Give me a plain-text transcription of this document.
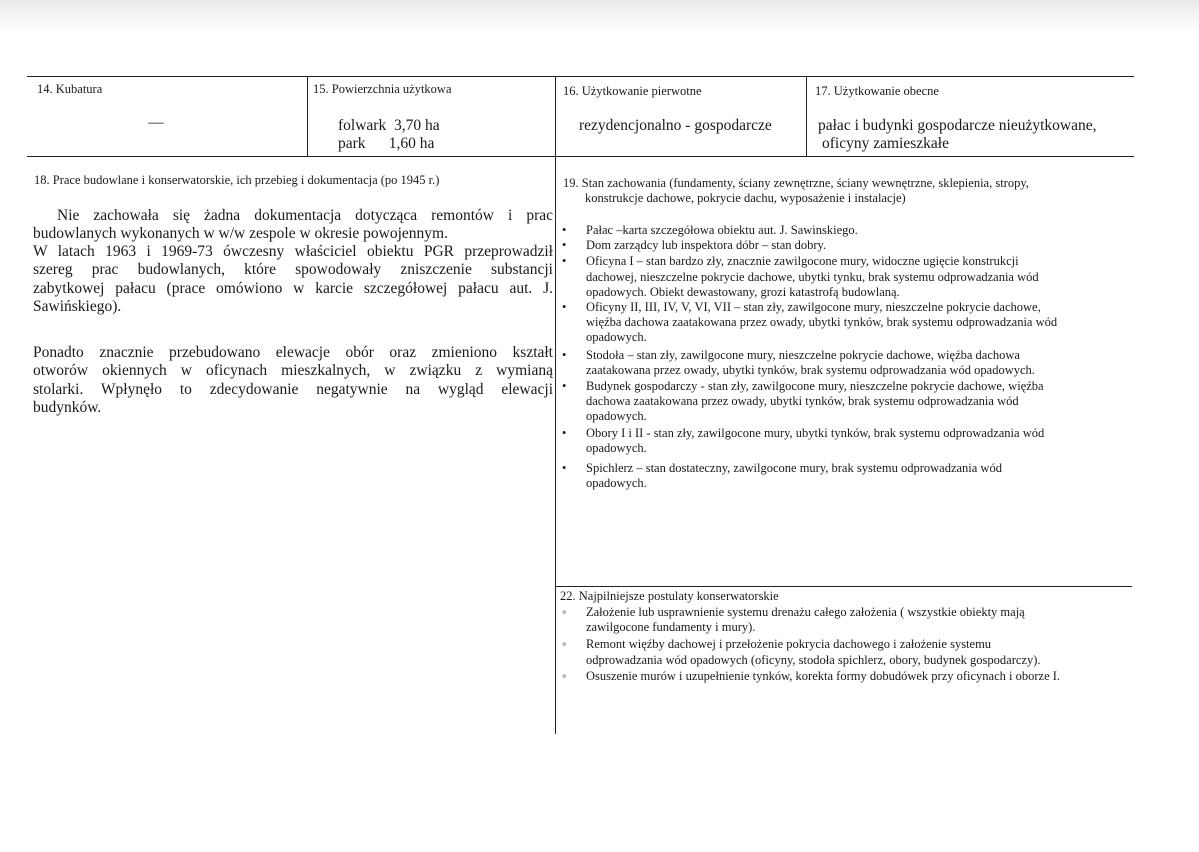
14. Kubatura
—
15. Powierzchnia użytkowa
folwark  3,70 ha
park      1,60 ha
16. Użytkowanie pierwotne
rezydencjonalno - gospodarcze
17. Użytkowanie obecne
pałac i budynki gospodarcze nieużytkowane,
oficyny zamieszkałe
18. Prace budowlane i konserwatorskie, ich przebieg i dokumentacja (po 1945 r.)
Nie zachowała się żadna dokumentacja dotycząca remontów i prac
budowlanych wykonanych w w/w zespole w okresie powojennym.
W latach 1963 i 1969-73 ówczesny właściciel obiektu PGR przeprowadził
szereg prac budowlanych, które spowodowały zniszczenie substancji
zabytkowej pałacu (prace omówiono w karcie szczegółowej pałacu aut. J.
Sawińskiego).
Ponadto znacznie przebudowano elewacje obór oraz zmieniono kształt
otworów okiennych w oficynach mieszkalnych, w związku z wymianą
stolarki. Wpłynęło to zdecydowanie negatywnie na wygląd elewacji
budynków.
19. Stan zachowania (fundamenty, ściany zewnętrzne, ściany wewnętrzne, sklepienia, stropy,
konstrukcje dachowe, pokrycie dachu, wyposażenie i instalacje)
• Pałac –karta szczegółowa obiektu aut. J. Sawinskiego.
• Dom zarządcy lub inspektora dóbr – stan dobry.
• Oficyna I – stan bardzo zły, znacznie zawilgocone mury, widoczne ugięcie konstrukcji
dachowej, nieszczelne pokrycie dachowe, ubytki tynku, brak systemu odprowadzania wód
opadowych. Obiekt dewastowany, grozi katastrofą budowlaną.
• Oficyny II, III, IV, V, VI, VII – stan zły, zawilgocone mury, nieszczelne pokrycie dachowe,
więźba dachowa zaatakowana przez owady, ubytki tynków, brak systemu odprowadzania wód
opadowych.
• Stodoła – stan zły, zawilgocone mury, nieszczelne pokrycie dachowe, więźba dachowa
zaatakowana przez owady, ubytki tynków, brak systemu odprowadzania wód opadowych.
• Budynek gospodarczy - stan zły, zawilgocone mury, nieszczelne pokrycie dachowe, więźba
dachowa zaatakowana przez owady, ubytki tynków, brak systemu odprowadzania wód
opadowych.
• Obory I i II - stan zły, zawilgocone mury, ubytki tynków, brak systemu odprowadzania wód
opadowych.
• Spichlerz – stan dostateczny, zawilgocone mury, brak systemu odprowadzania wód
opadowych.
22. Najpilniejsze postulaty konserwatorskie
◦ Założenie lub usprawnienie systemu drenażu całego założenia ( wszystkie obiekty mają
zawilgocone fundamenty i mury).
◦ Remont więźby dachowej i przełożenie pokrycia dachowego i założenie systemu
odprowadzania wód opadowych (oficyny, stodoła spichlerz, obory, budynek gospodarczy).
◦ Osuszenie murów i uzupełnienie tynków, korekta formy dobudówek przy oficynach i oborze I.
